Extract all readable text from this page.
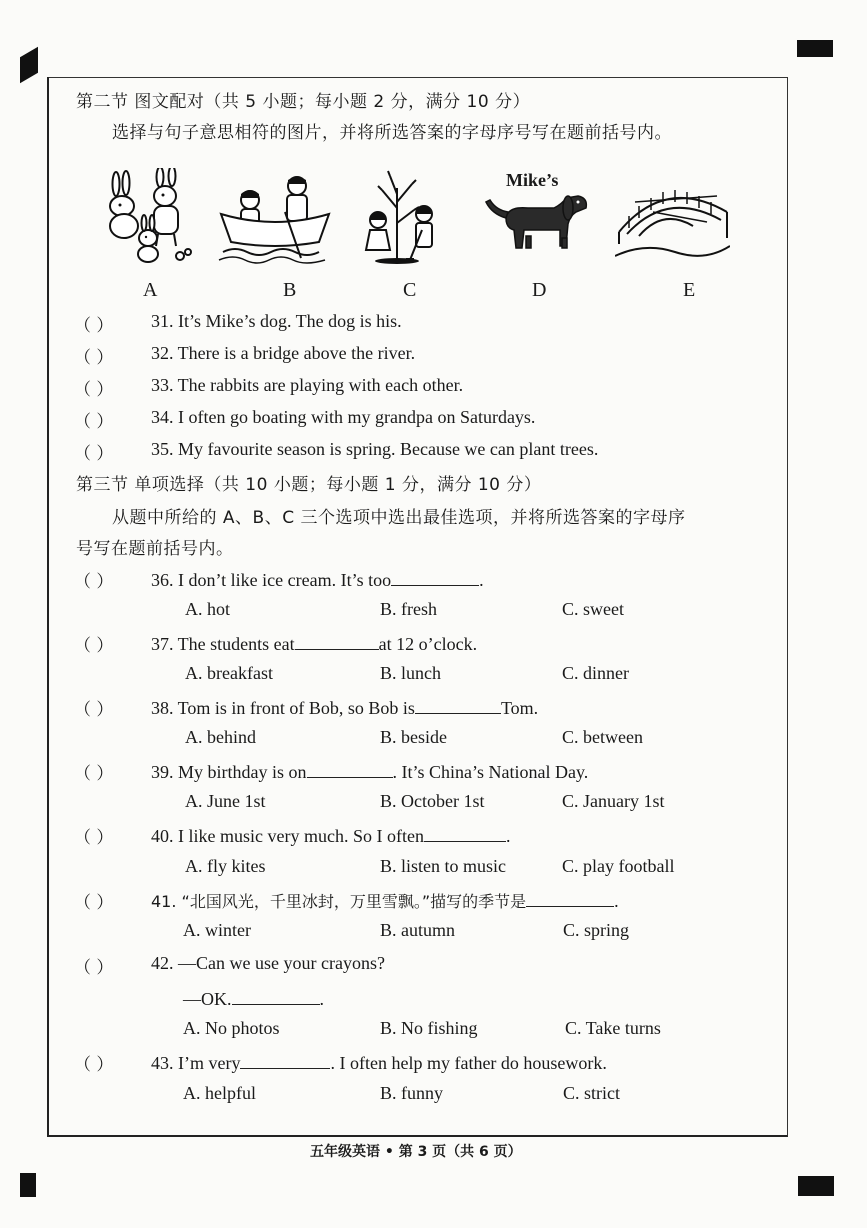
第二节 图文配对（共 5 小题；每小题 2 分，满分 10 分）
选择与句子意思相符的图片，并将所选答案的字母序号写在题前括号内。
A	B	C
Mike’s
D	E
（ ） 31. It’s Mike’s dog. The dog is his.
（ ） 32. There is a bridge above the river.
（ ） 33. The rabbits are playing with each other.
（ ） 34. I often go boating with my grandpa on Saturdays.
（ ） 35. My favourite season is spring. Because we can plant trees.
第三节 单项选择（共 10 小题；每小题 1 分，满分 10 分）
从题中所给的 A、B、C 三个选项中选出最佳选项，并将所选答案的字母序
号写在题前括号内。
（ ） 36. I don’t like ice cream. It’s too	.
A. hot	B. fresh	C. sweet
（ ） 37. The students eat	at 12 o’clock.
A. breakfast	B. lunch	C. dinner
（ ） 38. Tom is in front of Bob, so Bob is	Tom.
A. behind	B. beside	C. between
（ ） 39. My birthday is on	. It’s China’s National Day.
A. June 1st	B. October 1st	C. January 1st
（ ） 40. I like music very much. So I often	.
A. fly kites	B. listen to music	C. play football
（ ） 41. “北国风光，千里冰封，万里雪飘。”描写的季节是	.
A. winter	B. autumn	C. spring
（ ） 42. —Can we use your crayons?
—OK.	.
A. No photos	B. No fishing	C. Take turns
（ ） 43. I’m very	. I often help my father do housework.
A. helpful	B. funny	C. strict
五年级英语 • 第 3 页（共 6 页）
